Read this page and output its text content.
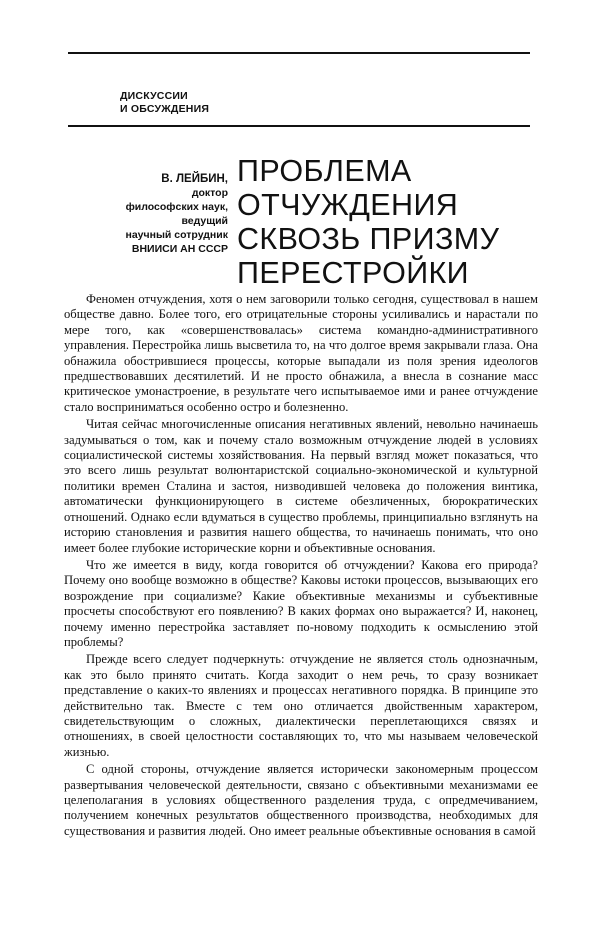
ДИСКУССИИ
И ОБСУЖДЕНИЯ
В. ЛЕЙБИН,
доктор
философских наук,
ведущий
научный сотрудник
ВНИИСИ АН СССР
ПРОБЛЕМА
ОТЧУЖДЕНИЯ
СКВОЗЬ ПРИЗМУ
ПЕРЕСТРОЙКИ

Феномен отчуждения, хотя о нем заговорили только сегодня, существовал в нашем обществе давно. Более того, его отрицательные стороны усиливались и нарастали по мере того, как «совершенствовалась» система командно-административного управления. Перестройка лишь высветила то, на что долгое время закрывали глаза. Она обнажила обострившиеся процессы, которые выпадали из поля зрения идеологов предшествовавших десятилетий. И не просто обнажила, а внесла в сознание масс критическое умонастроение, в результате чего испытываемое ими и ранее отчуждение стало восприниматься особенно остро и болезненно.

Читая сейчас многочисленные описания негативных явлений, невольно начинаешь задумываться о том, как и почему стало возможным отчуждение людей в условиях социалистической системы хозяйствования. На первый взгляд может показаться, что это всего лишь результат волюнтаристской социально-экономической и культурной политики времен Сталина и застоя, низводившей человека до положения винтика, автоматически функционирующего в системе обезличенных, бюрократических отношений. Однако если вдуматься в существо проблемы, принципиально взглянуть на историю становления и развития нашего общества, то начинаешь понимать, что оно имеет более глубокие исторические корни и объективные основания.

Что же имеется в виду, когда говорится об отчуждении? Какова его природа? Почему оно вообще возможно в обществе? Каковы истоки процессов, вызывающих его возрождение при социализме? Какие объективные механизмы и субъективные просчеты способствуют его появлению? В каких формах оно выражается? И, наконец, почему именно перестройка заставляет по-новому подходить к осмыслению этой проблемы?

Прежде всего следует подчеркнуть: отчуждение не является столь однозначным, как это было принято считать. Когда заходит о нем речь, то сразу возникает представление о каких-то явлениях и процессах негативного порядка. В принципе это действительно так. Вместе с тем оно отличается двойственным характером, свидетельствующим о сложных, диалектически переплетающихся связях и отношениях, в своей целостности составляющих то, что мы называем человеческой жизнью.

С одной стороны, отчуждение является исторически закономерным процессом развертывания человеческой деятельности, связано с объективными механизмами ее целеполагания в условиях общественного разделения труда, с опредмечиванием, получением конечных результатов общественного производства, необходимых для существования и развития людей. Оно имеет реальные объективные основания в самой
